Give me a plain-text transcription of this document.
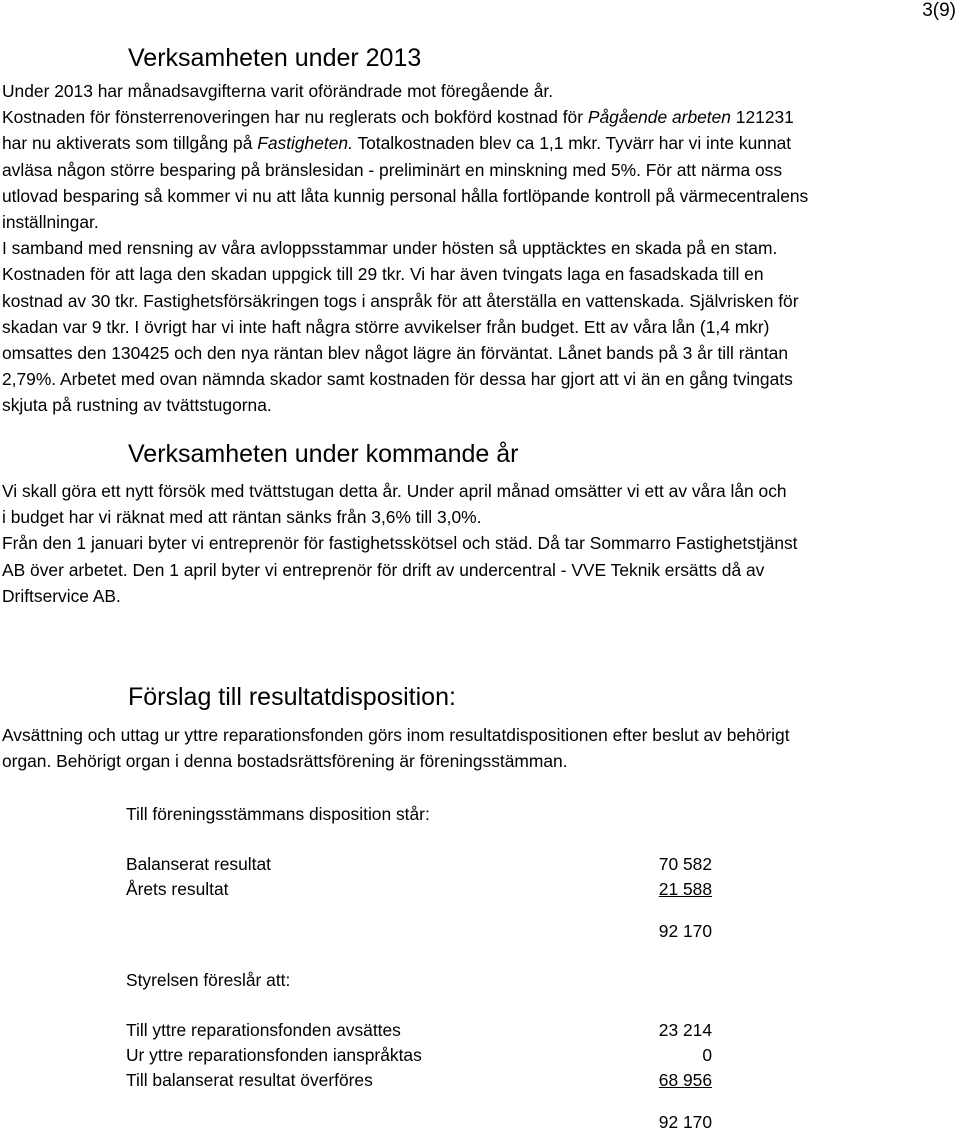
3(9)
Verksamheten under 2013
Under 2013 har månadsavgifterna varit oförändrade mot föregående år.
Kostnaden för fönsterrenoveringen har nu reglerats och bokförd kostnad för Pågående arbeten 121231
har nu aktiverats som tillgång på Fastigheten. Totalkostnaden blev ca 1,1 mkr. Tyvärr har vi inte kunnat
avläsa någon större besparing på bränslesidan - preliminärt en minskning med 5%. För att närma oss
utlovad besparing så kommer vi nu att låta kunnig personal hålla fortlöpande kontroll på värmecentralens
inställningar.
I samband med rensning av våra avloppsstammar under hösten så upptäcktes en skada på en stam.
Kostnaden för att laga den skadan uppgick till 29 tkr. Vi har även tvingats laga en fasadskada till en
kostnad av 30 tkr. Fastighetsförsäkringen togs i anspråk för att återställa en vattenskada. Självrisken för
skadan var 9 tkr. I övrigt har vi inte haft några större avvikelser från budget. Ett av våra lån (1,4 mkr)
omsattes den 130425 och den nya räntan blev något lägre än förväntat. Lånet bands på 3 år till räntan
2,79%. Arbetet med ovan nämnda skador samt kostnaden för dessa har gjort att vi än en gång tvingats
skjuta på rustning av tvättstugorna.
Verksamheten under kommande år
Vi skall göra ett nytt försök med tvättstugan detta år. Under april månad omsätter vi ett av våra lån och
i budget har vi räknat med att räntan sänks från 3,6% till 3,0%.
Från den 1 januari byter vi entreprenör för fastighetsskötsel och städ. Då tar Sommarro Fastighetstjänst
AB över arbetet. Den 1 april byter vi entreprenör för drift av undercentral - VVE Teknik ersätts då av
Driftservice AB.
Förslag till resultatdisposition:
Avsättning och uttag ur yttre reparationsfonden görs inom resultatdispositionen efter beslut av behörigt
organ. Behörigt organ i denna bostadsrättsförening är föreningsstämman.
Till föreningsstämmans disposition står:
Balanserat resultat	70 582
Årets resultat	21 588
92 170
Styrelsen föreslår att:
Till yttre reparationsfonden avsättes	23 214
Ur yttre reparationsfonden ianspråktas	0
Till balanserat resultat överföres	68 956
92 170
